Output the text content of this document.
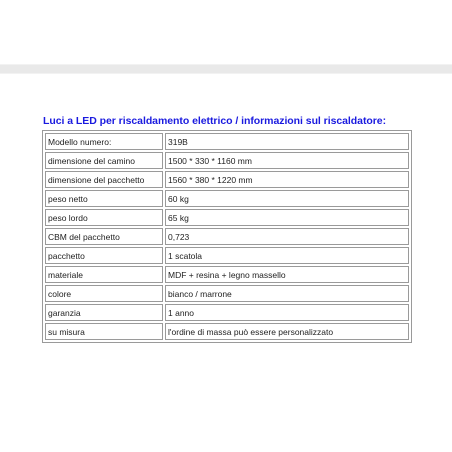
Luci a LED per riscaldamento elettrico / informazioni sul riscaldatore:
Modello numero:	319B
dimensione del camino	1500 * 330 * 1160 mm
dimensione del pacchetto	1560 * 380 * 1220 mm
peso netto	60 kg
peso lordo	65 kg
CBM del pacchetto	0,723
pacchetto	1 scatola
materiale	MDF + resina + legno massello
colore	bianco / marrone
garanzia	1 anno
su misura	l'ordine di massa può essere personalizzato
